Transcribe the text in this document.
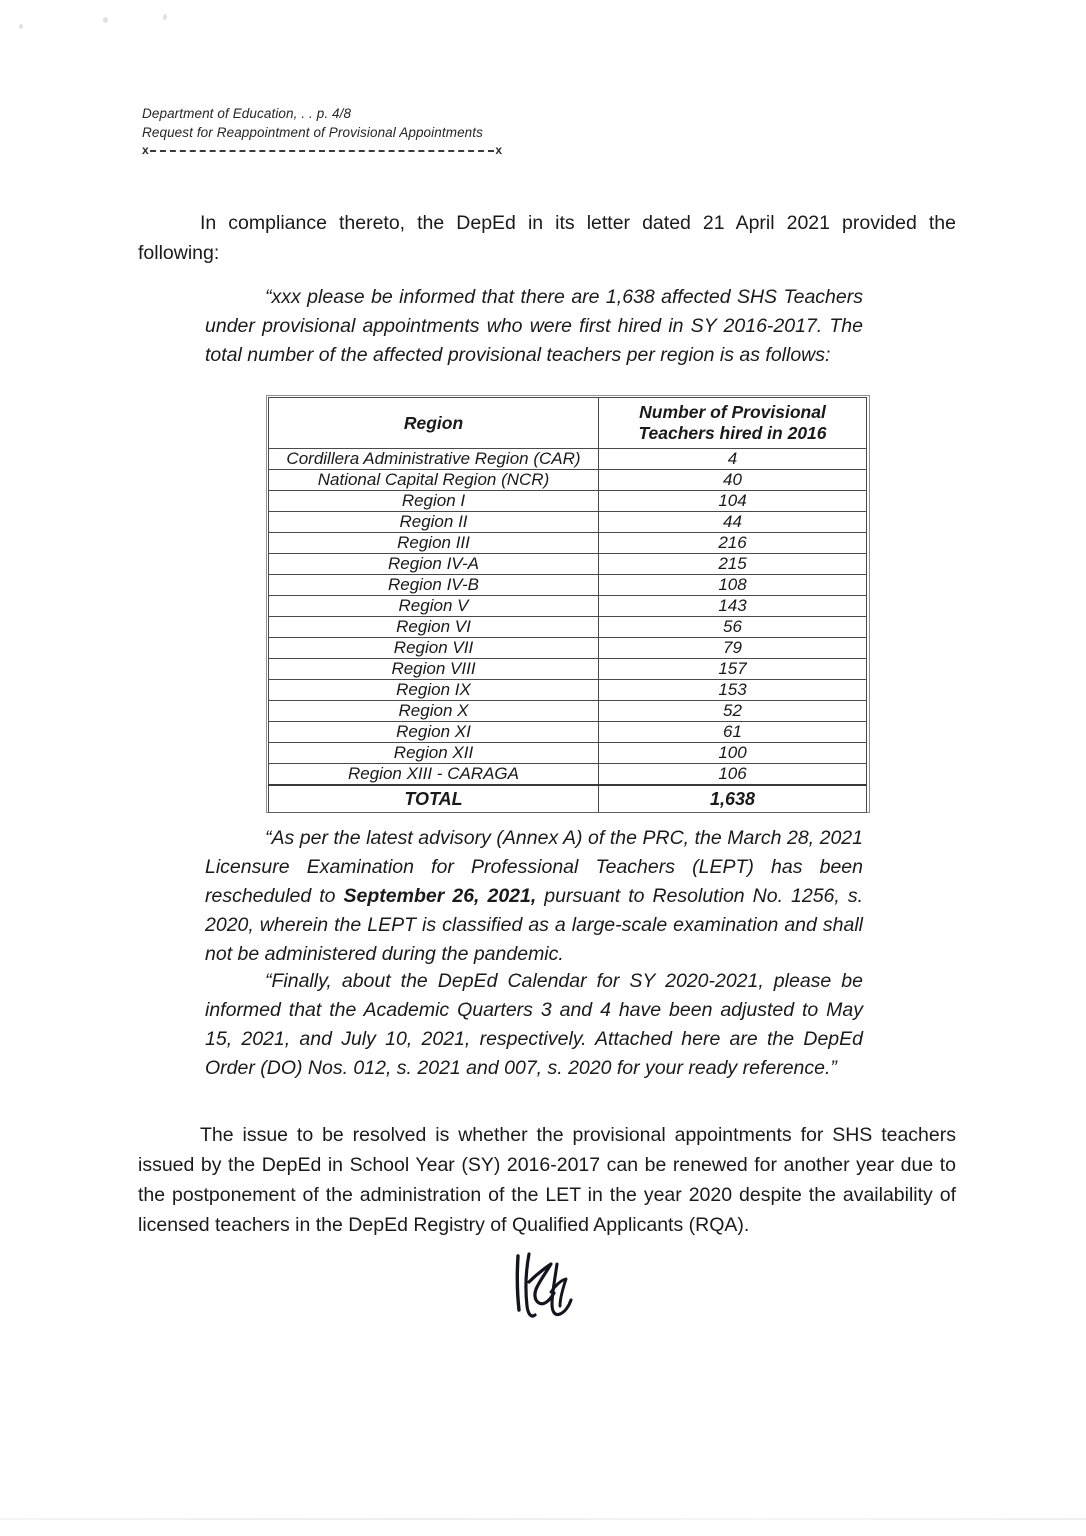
Department of Education, . . p. 4/8
Request for Reappointment of Provisional Appointments
x	x
In compliance thereto, the DepEd in its letter dated 21 April 2021 provided the following:
“xxx please be informed that there are 1,638 affected SHS Teachers under provisional appointments who were first hired in SY 2016-2017. The total number of the affected provisional teachers per region is as follows:
Region	Number of Provisional Teachers hired in 2016
Cordillera Administrative Region (CAR)	4
National Capital Region (NCR)	40
Region I	104
Region II	44
Region III	216
Region IV-A	215
Region IV-B	108
Region V	143
Region VI	56
Region VII	79
Region VIII	157
Region IX	153
Region X	52
Region XI	61
Region XII	100
Region XIII - CARAGA	106
TOTAL	1,638
“As per the latest advisory (Annex A) of the PRC, the March 28, 2021 Licensure Examination for Professional Teachers (LEPT) has been rescheduled to September 26, 2021, pursuant to Resolution No. 1256, s. 2020, wherein the LEPT is classified as a large-scale examination and shall not be administered during the pandemic.
“Finally, about the DepEd Calendar for SY 2020-2021, please be informed that the Academic Quarters 3 and 4 have been adjusted to May 15, 2021, and July 10, 2021, respectively. Attached here are the DepEd Order (DO) Nos. 012, s. 2021 and 007, s. 2020 for your ready reference.”
The issue to be resolved is whether the provisional appointments for SHS teachers issued by the DepEd in School Year (SY) 2016-2017 can be renewed for another year due to the postponement of the administration of the LET in the year 2020 despite the availability of licensed teachers in the DepEd Registry of Qualified Applicants (RQA).
